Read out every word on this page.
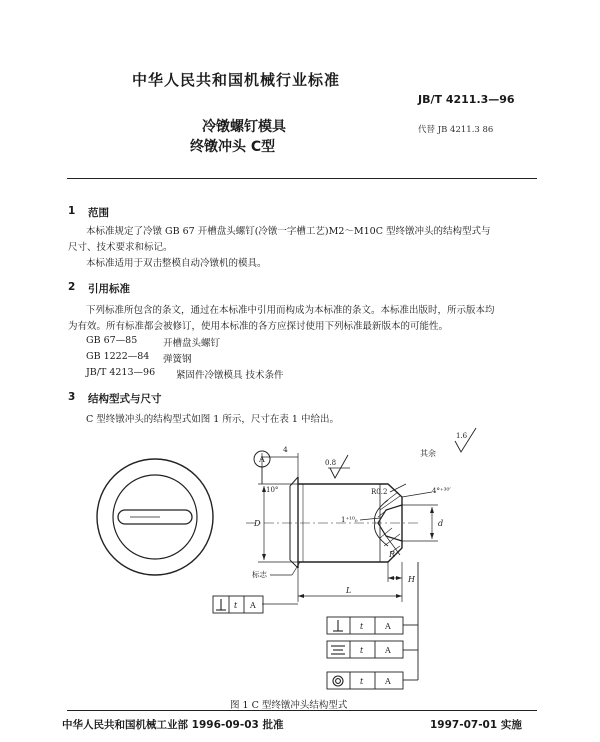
中华人民共和国机械行业标准
JB/T 4211.3—96
冷镦螺钉模具
终镦冲头 C型
代替 JB 4211.3 86
1 范围
本标准规定了冷镦 GB 67 开槽盘头螺钉(冷镦一字槽工艺)M2～M10C 型终镦冲头的结构型式与
尺寸、技术要求和标记。
本标准适用于双击整模自动冷镦机的模具。
2 引用标准
下列标准所包含的条文，通过在本标准中引用而构成为本标准的条文。本标准出版时，所示版本均
为有效。所有标准都会被修订，使用本标准的各方应探讨使用下列标准最新版本的可能性。
GB 67—85	开槽盘头螺钉
GB 1222—84 弹簧钢
JB/T 4213—96 紧固件冷镦模具 技术条件
3 结构型式与尺寸
C 型终镦冲头的结构型式如图 1 所示，尺寸在表 1 中给出。
A	0.8
1.6
其余
4
10°
D
R0.2	4°⁺³⁰′
1⁺¹⁰₀
R
d
标志
H
L
t A
t	A
t	A
t	A
图 1 C 型终镦冲头结构型式
中华人民共和国机械工业部 1996-09-03 批准	1997-07-01 实施
